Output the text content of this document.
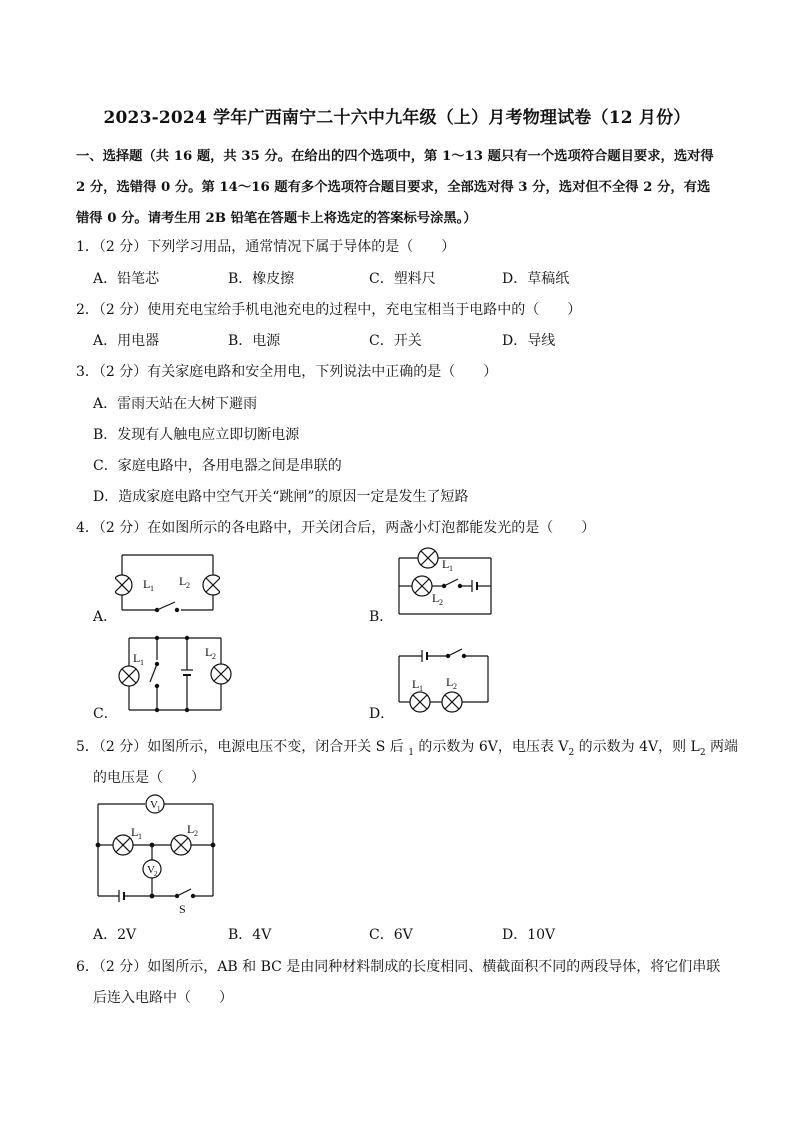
2023-2024 学年广西南宁二十六中九年级（上）月考物理试卷（12 月份）
一、选择题（共 16 题，共 35 分。在给出的四个选项中，第 1～13 题只有一个选项符合题目要求，选对得
2 分，选错得 0 分。第 14～16 题有多个选项符合题目要求，全部选对得 3 分，选对但不全得 2 分，有选
错得 0 分。请考生用 2B 铅笔在答题卡上将选定的答案标号涂黑。）
1．（2 分）下列学习用品，通常情况下属于导体的是（　　）
A．铅笔芯	B．橡皮擦	C．塑料尺	D．草稿纸
2．（2 分）使用充电宝给手机电池充电的过程中，充电宝相当于电路中的（　　）
A．用电器	B．电源	C．开关	D．导线
3．（2 分）有关家庭电路和安全用电，下列说法中正确的是（　　）
A．雷雨天站在大树下避雨
B．发现有人触电应立即切断电源
C．家庭电路中，各用电器之间是串联的
D．造成家庭电路中空气开关“跳闸”的原因一定是发生了短路
4．（2 分）在如图所示的各电路中，开关闭合后，两盏小灯泡都能发光的是（　　）
A．
L 1
L 2
B．
L 1
L 2
C．
L 1
L 2
D．
L 1 L 2
5．（2 分）如图所示，电源电压不变，闭合开关 S 后 $_1$ 的示数为 6V，电压表 $V_2$ 的示数为 4V，则 $L_2$ 两端
的电压是（　　）
V 1
V 2
L 1
L 2
S
A．2V	B．4V	C．6V	D．10V
6．（2 分）如图所示，AB 和 BC 是由同种材料制成的长度相同、横截面积不同的两段导体，将它们串联
后连入电路中（　　）
